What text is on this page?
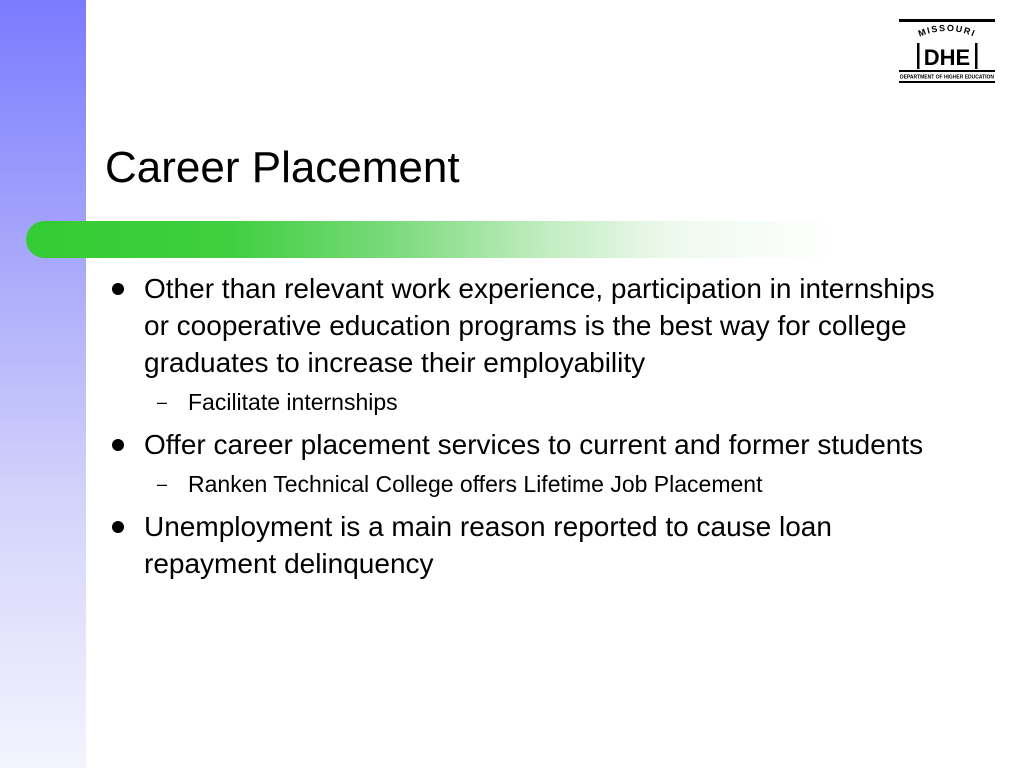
MISSOURI
DHE
DEPARTMENT OF HIGHER EDUCATION
Career Placement
Other than relevant work experience, participation in internships or cooperative education programs is the best way for college graduates to increase their employability
– Facilitate internships
Offer career placement services to current and former students
– Ranken Technical College offers Lifetime Job Placement
Unemployment is a main reason reported to cause loan repayment delinquency
